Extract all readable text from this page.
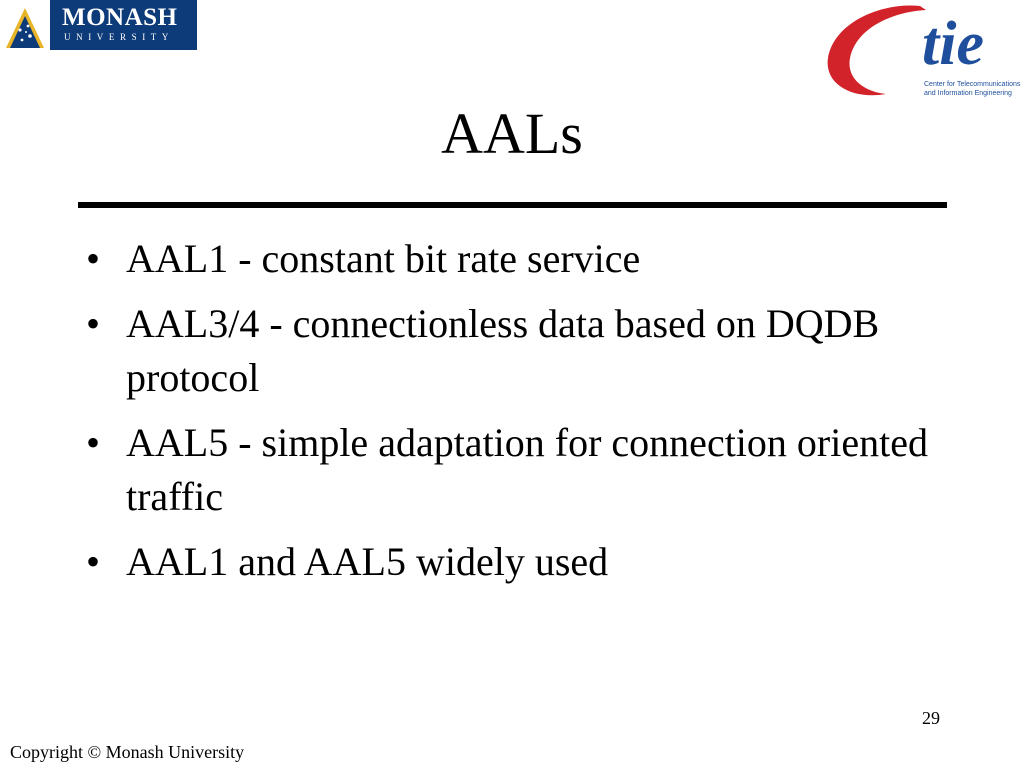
MONASH
UNIVERSITY	tie
Center for Telecommunications
and Information Engineering
AALs
• AAL1 - constant bit rate service
• AAL3/4 - connectionless data based on DQDB protocol
• AAL5 - simple adaptation for connection oriented traffic
• AAL1 and AAL5 widely used
29
Copyright © Monash University
